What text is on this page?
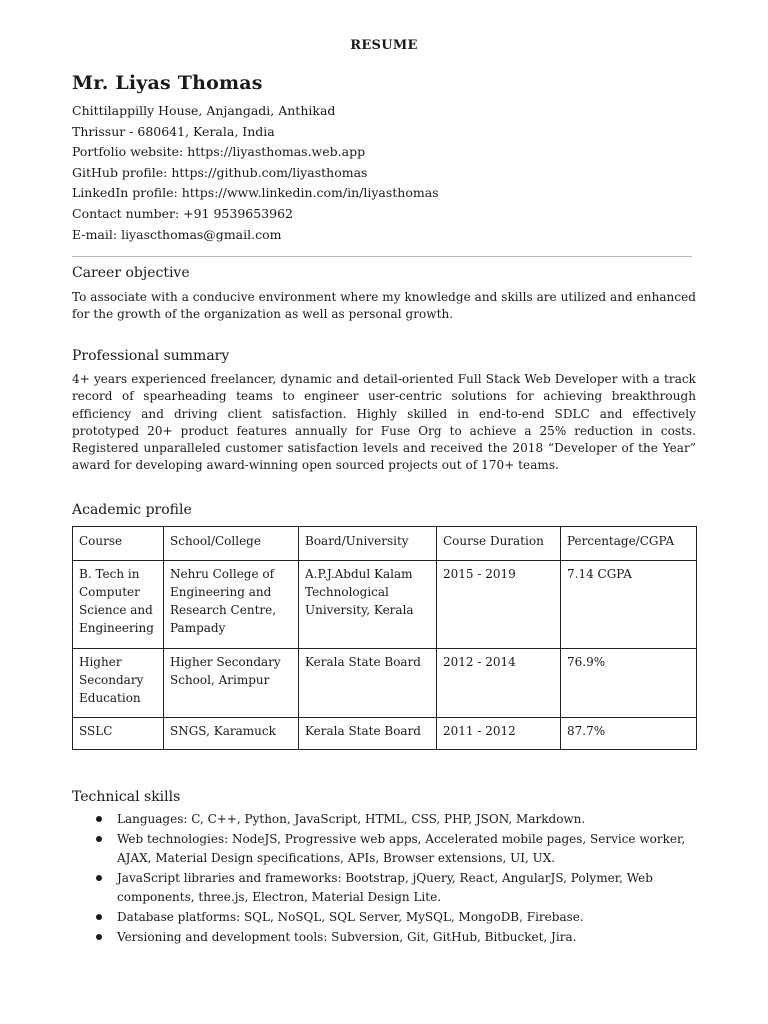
RESUME
Mr. Liyas Thomas
Chittilappilly House, Anjangadi, Anthikad
Thrissur - 680641, Kerala, India
Portfolio website: https://liyasthomas.web.app
GitHub profile: https://github.com/liyasthomas
LinkedIn profile: https://www.linkedin.com/in/liyasthomas
Contact number: +91 9539653962
E-mail: liyascthomas@gmail.com
Career objective
To associate with a conducive environment where my knowledge and skills are utilized and enhanced for the growth of the organization as well as personal growth.
Professional summary
4+ years experienced freelancer, dynamic and detail-oriented Full Stack Web Developer with a track record of spearheading teams to engineer user-centric solutions for achieving breakthrough efficiency and driving client satisfaction. Highly skilled in end-to-end SDLC and effectively prototyped 20+ product features annually for Fuse Org to achieve a 25% reduction in costs. Registered unparalleled customer satisfaction levels and received the 2018 “Developer of the Year” award for developing award-winning open sourced projects out of 170+ teams.
Academic profile
Course	School/College	Board/University	Course Duration	Percentage/CGPA
B. Tech in Computer Science and Engineering	Nehru College of Engineering and Research Centre, Pampady	A.P.J.Abdul Kalam Technological University, Kerala	2015 - 2019	7.14 CGPA
Higher Secondary Education	Higher Secondary School, Arimpur	Kerala State Board	2012 - 2014	76.9%
SSLC	SNGS, Karamuck	Kerala State Board	2011 - 2012	87.7%
Technical skills
Languages: C, C++, Python, JavaScript, HTML, CSS, PHP, JSON, Markdown.
Web technologies: NodeJS, Progressive web apps, Accelerated mobile pages, Service worker, AJAX, Material Design specifications, APIs, Browser extensions, UI, UX.
JavaScript libraries and frameworks: Bootstrap, jQuery, React, AngularJS, Polymer, Web components, three.js, Electron, Material Design Lite.
Database platforms: SQL, NoSQL, SQL Server, MySQL, MongoDB, Firebase.
Versioning and development tools: Subversion, Git, GitHub, Bitbucket, Jira.
